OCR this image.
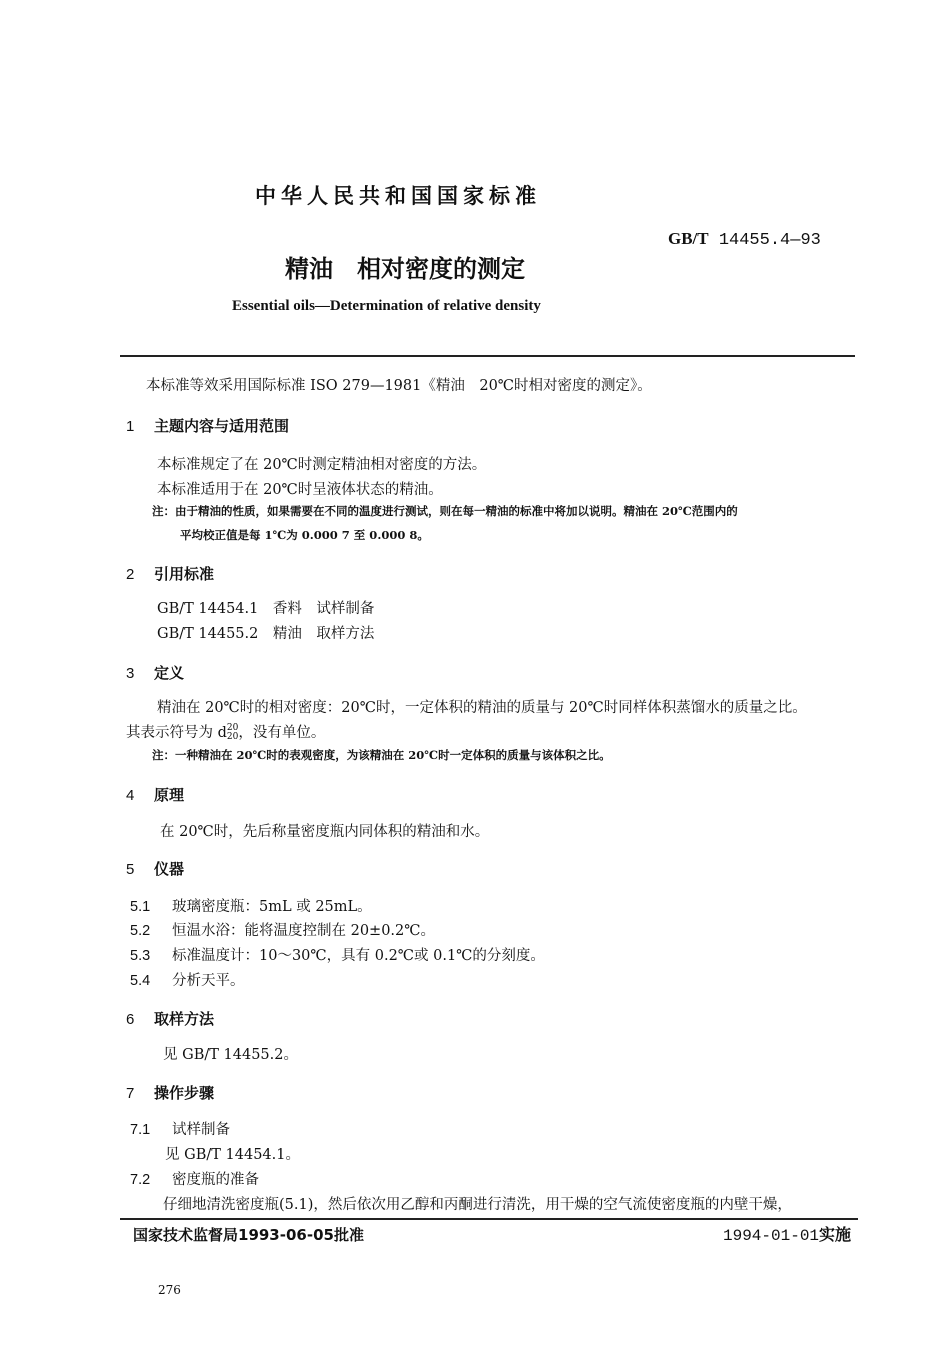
中华人民共和国国家标准
GB/T 14455.4—93
精油　相对密度的测定
Essential oils—Determination of relative density
本标准等效采用国际标准 ISO 279—1981《精油　20℃时相对密度的测定》。
1 主题内容与适用范围
本标准规定了在 20℃时测定精油相对密度的方法。
本标准适用于在 20℃时呈液体状态的精油。
注：由于精油的性质，如果需要在不同的温度进行测试，则在每一精油的标准中将加以说明。精油在 20℃范围内的
平均校正值是每 1℃为 0.000 7 至 0.000 8。
2 引用标准
GB/T 14454.1　香料　试样制备
GB/T 14455.2　精油　取样方法
3 定义
精油在 20℃时的相对密度：20℃时，一定体积的精油的质量与 20℃时同样体积蒸馏水的质量之比。
其表示符号为 d 20
20 ，没有单位。
注：一种精油在 20℃时的表观密度，为该精油在 20℃时一定体积的质量与该体积之比。
4 原理
在 20℃时，先后称量密度瓶内同体积的精油和水。
5 仪器
5.1 玻璃密度瓶：5mL 或 25mL。
5.2 恒温水浴：能将温度控制在 20±0.2℃。
5.3 标准温度计：10～30℃，具有 0.2℃或 0.1℃的分刻度。
5.4 分析天平。
6 取样方法
见 GB/T 14455.2。
7 操作步骤
7.1 试样制备
见 GB/T 14454.1。
7.2 密度瓶的准备
仔细地清洗密度瓶(5.1)，然后依次用乙醇和丙酮进行清洗，用干燥的空气流使密度瓶的内壁干燥，
国家技术监督局1993-06-05批准	1994-01-01实施
276
